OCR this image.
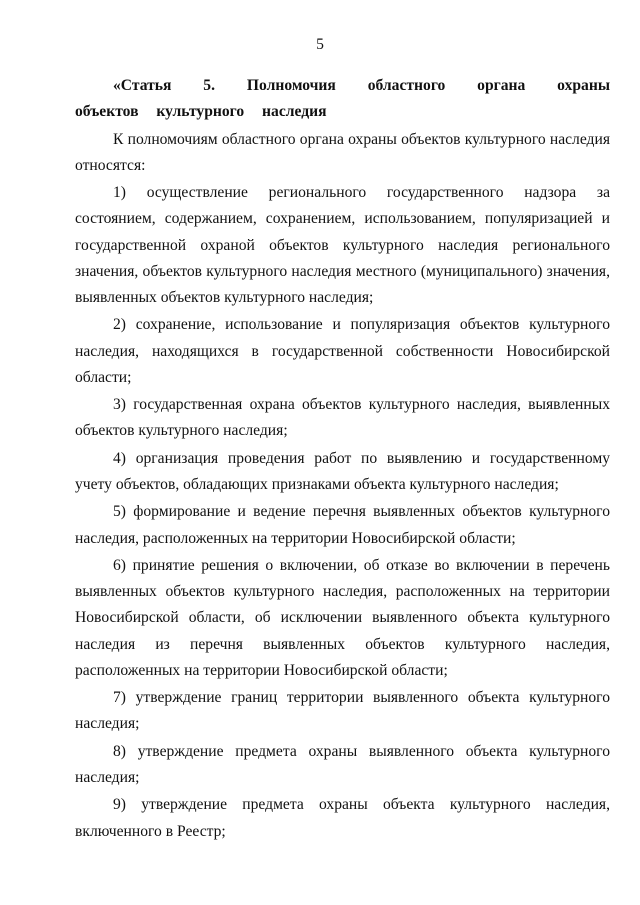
5

«Статья 5. Полномочия областного органа охраны объектов культурного наследия

К полномочиям областного органа охраны объектов культурного наследия относятся:

1) осуществление регионального государственного надзора за состоянием, содержанием, сохранением, использованием, популяризацией и государственной охраной объектов культурного наследия регионального значения, объектов культурного наследия местного (муниципального) значения, выявленных объектов культурного наследия;

2) сохранение, использование и популяризация объектов культурного наследия, находящихся в государственной собственности Новосибирской области;

3) государственная охрана объектов культурного наследия, выявленных объектов культурного наследия;

4) организация проведения работ по выявлению и государственному учету объектов, обладающих признаками объекта культурного наследия;

5) формирование и ведение перечня выявленных объектов культурного наследия, расположенных на территории Новосибирской области;

6) принятие решения о включении, об отказе во включении в перечень выявленных объектов культурного наследия, расположенных на территории Новосибирской области, об исключении выявленного объекта культурного наследия из перечня выявленных объектов культурного наследия, расположенных на территории Новосибирской области;

7) утверждение границ территории выявленного объекта культурного наследия;

8) утверждение предмета охраны выявленного объекта культурного наследия;

9) утверждение предмета охраны объекта культурного наследия, включенного в Реестр;
